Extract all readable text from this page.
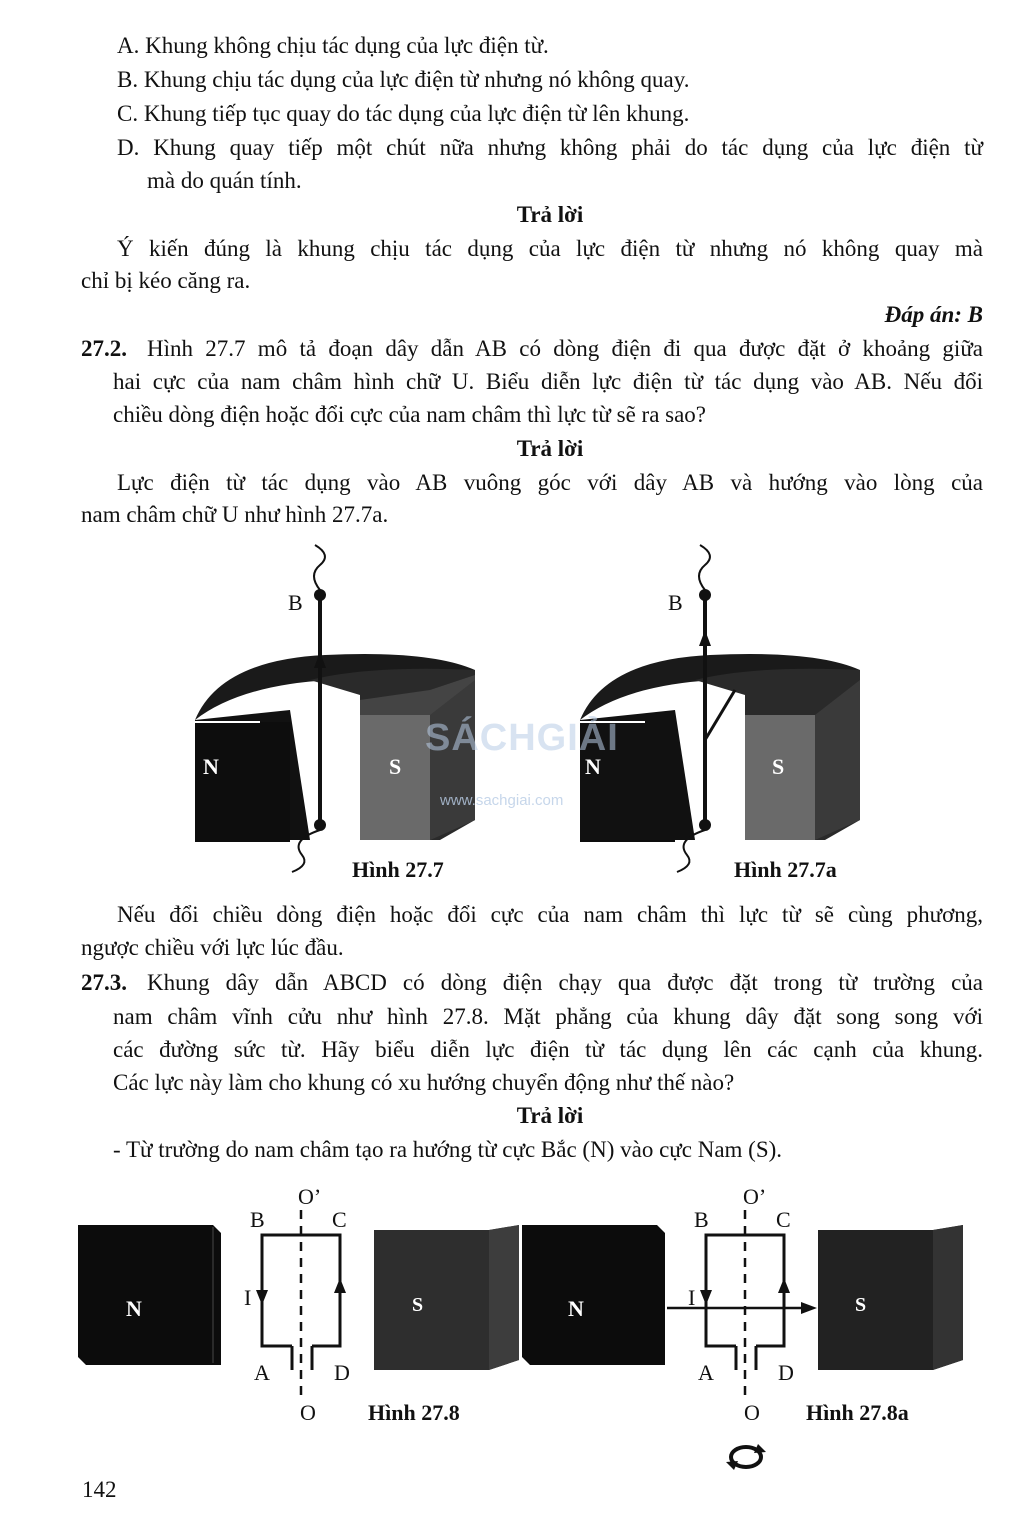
A. Khung không chịu tác dụng của lực điện từ.
B. Khung chịu tác dụng của lực điện từ nhưng nó không quay.
C. Khung tiếp tục quay do tác dụng của lực điện từ lên khung.
D. Khung quay tiếp một chút nữa nhưng không phải do tác dụng của lực điện từ
mà do quán tính.
Trả lời
Ý kiến đúng là khung chịu tác dụng của lực điện từ nhưng nó không quay mà
chỉ bị kéo căng ra.
Đáp án: B
27.2. Hình 27.7 mô tả đoạn dây dẫn AB có dòng điện đi qua được đặt ở khoảng giữa
hai cực của nam châm hình chữ U. Biểu diễn lực điện từ tác dụng vào AB. Nếu đổi
chiều dòng điện hoặc đổi cực của nam châm thì lực từ sẽ ra sao?
Trả lời
Lực điện từ tác dụng vào AB vuông góc với dây AB và hướng vào lòng của
nam châm chữ U như hình 27.7a.
B
N	S
Hình 27.7
B
F
N	S
Hình 27.7a
SÁCHGIẢI
www.sachgiai.com
Nếu đổi chiều dòng điện hoặc đổi cực của nam châm thì lực từ sẽ cùng phương,
ngược chiều với lực lúc đầu.
27.3. Khung dây dẫn ABCD có dòng điện chạy qua được đặt trong từ trường của
nam châm vĩnh cửu như hình 27.8. Mặt phẳng của khung dây đặt song song với
các đường sức từ. Hãy biểu diễn lực điện từ tác dụng lên các cạnh của khung.
Các lực này làm cho khung có xu hướng chuyển động như thế nào?
Trả lời
- Từ trường do nam châm tạo ra hướng từ cực Bắc (N) vào cực Nam (S).
N	S
O’
B	C
I
A	D
O Hình 27.8
N	S
O’
B	C
I
A	D
O Hình 27.8a
142
